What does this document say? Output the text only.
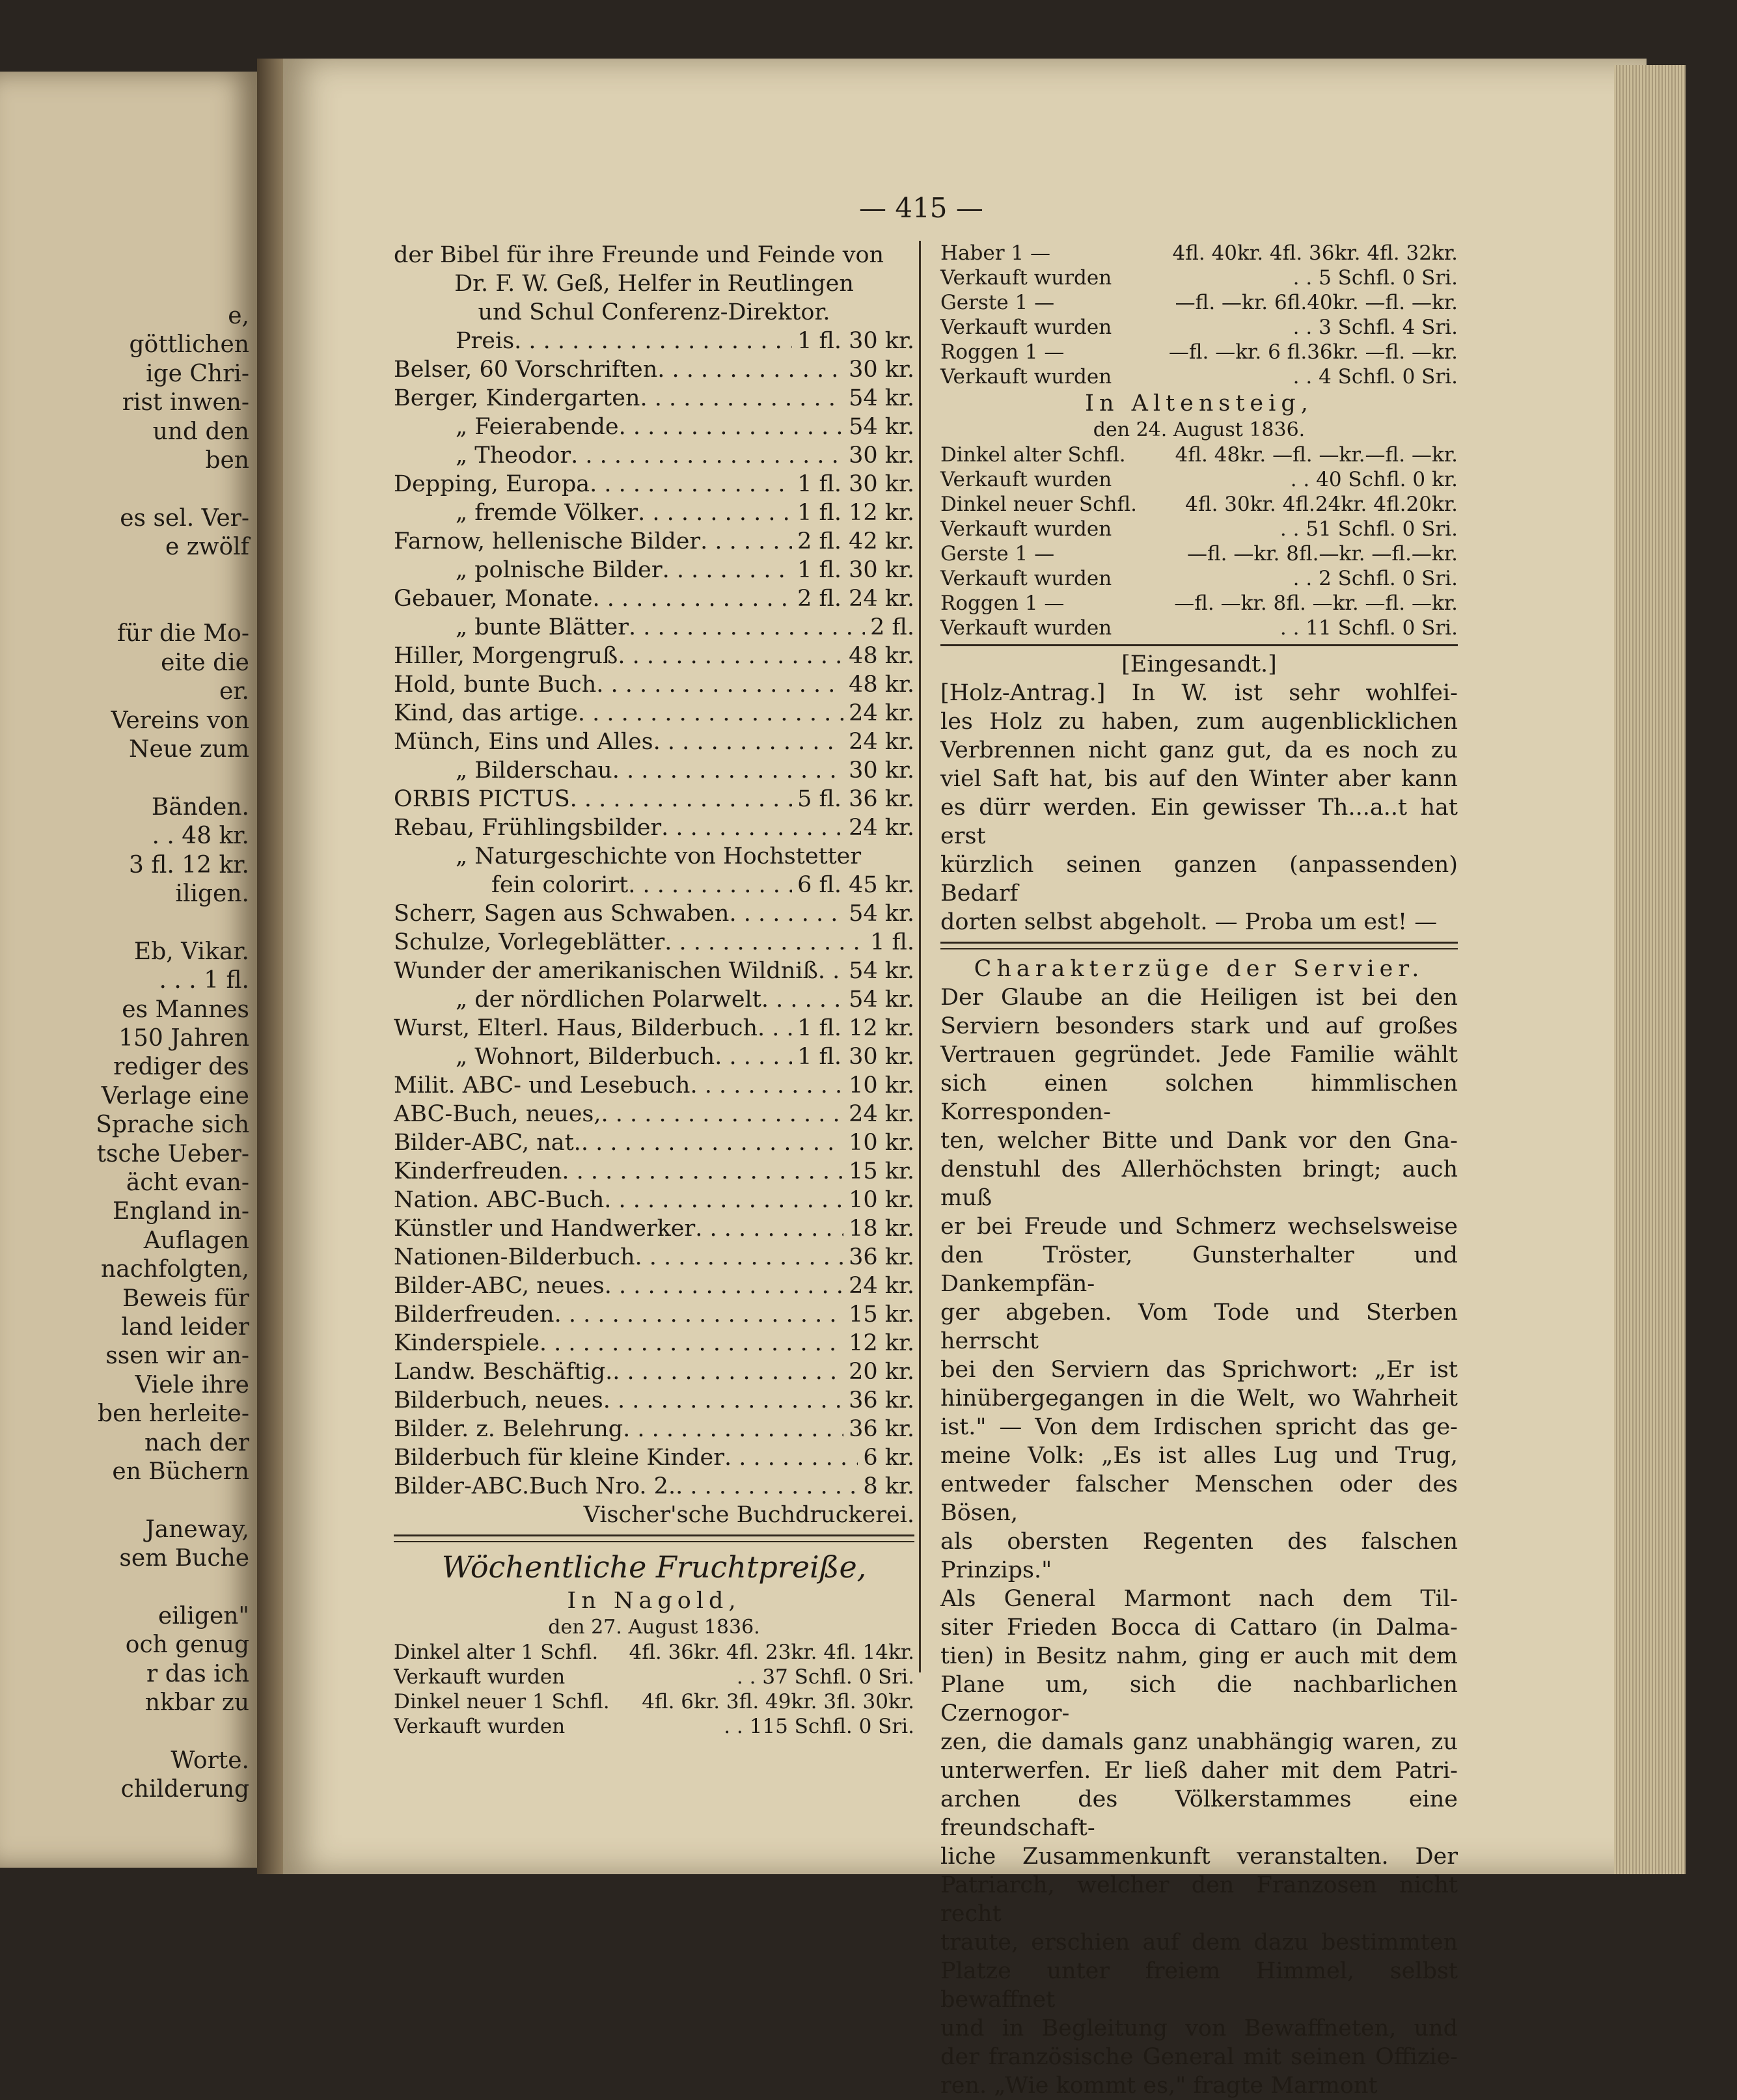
e,
göttlichen
ige Chri-
rist inwen-
und den
ben
es sel. Ver-
e zwölf
für die Mo-
eite die
er.
Vereins von
Neue zum
Bänden.
. . 48 kr.
3 fl. 12 kr.
iligen.
Eb, Vikar.
. . . 1 fl.
es Mannes
150 Jahren
rediger des
Verlage eine
Sprache sich
tsche Ueber-
ächt evan-
England in-
Auflagen
nachfolgten,
Beweis für
land leider
ssen wir an-
Viele ihre
ben herleite-
nach der
en Büchern
Janeway,
sem Buche
eiligen"
och genug
r das ich
nkbar zu
Worte.
childerung
— 415 —
der Bibel für ihre Freunde und Feinde von
Dr. F. W. Geß, Helfer in Reutlingen
und Schul Conferenz-Direktor.
Preis . . .	1 fl. 30 kr.
Belser, 60 Vorschriften . . .	30 kr.
Berger, Kindergarten . . .	54 kr.
„ Feierabende . . .	54 kr.
„ Theodor . . .	30 kr.
Depping, Europa . . .	1 fl. 30 kr.
„ fremde Völker . . .	1 fl. 12 kr.
Farnow, hellenische Bilder . . .	2 fl. 42 kr.
„ polnische Bilder . . .	1 fl. 30 kr.
Gebauer, Monate . . .	2 fl. 24 kr.
„ bunte Blätter . . .	2 fl.
Hiller, Morgengruß . . .	48 kr.
Hold, bunte Buch . . .	48 kr.
Kind, das artige . . .	24 kr.
Münch, Eins und Alles . . .	24 kr.
„ Bilderschau . . .	30 kr.
ORBIS PICTUS . . .	5 fl. 36 kr.
Rebau, Frühlingsbilder . . .	24 kr.
„ Naturgeschichte von Hochstetter
fein colorirt . . .	6 fl. 45 kr.
Scherr, Sagen aus Schwaben . . .	54 kr.
Schulze, Vorlegeblätter . . .	1 fl.
Wunder der amerikanischen Wildniß . . . 54 kr.
„ der nördlichen Polarwelt . . .	54 kr.
Wurst, Elterl. Haus, Bilderbuch . . . 1 fl. 12 kr.
„ Wohnort, Bilderbuch . . .	1 fl. 30 kr.
Milit. ABC- und Lesebuch . . .	10 kr.
ABC-Buch, neues, . . .	24 kr.
Bilder-ABC, nat. . . .	10 kr.
Kinderfreuden . . .	15 kr.
Nation. ABC-Buch . . .	10 kr.
Künstler und Handwerker . . .	18 kr.
Nationen-Bilderbuch . . .	36 kr.
Bilder-ABC, neues . . .	24 kr.
Bilderfreuden . . .	15 kr.
Kinderspiele . . .	12 kr.
Landw. Beschäftig. . . .	20 kr.
Bilderbuch, neues . . .	36 kr.
Bilder. z. Belehrung . . .	36 kr.
Bilderbuch für kleine Kinder . . .	6 kr.
Bilder-ABC.Buch Nro. 2. . . .	8 kr.
Vischer'sche Buchdruckerei.
Wöchentliche Fruchtpreiße,
In Nagold,
den 27. August 1836.
Dinkel alter 1 Schfl.	4fl. 36kr. 4fl. 23kr. 4fl. 14kr.
Verkauft wurden	. . 37 Schfl. 0 Sri.
Dinkel neuer 1 Schfl.	4fl. 6kr. 3fl. 49kr. 3fl. 30kr.
Verkauft wurden	. . 115 Schfl. 0 Sri.
Haber 1 —	4fl. 40kr. 4fl. 36kr. 4fl. 32kr.
Verkauft wurden	. . 5 Schfl. 0 Sri.
Gerste 1 —	—fl. —kr. 6fl.40kr. —fl. —kr.
Verkauft wurden	. . 3 Schfl. 4 Sri.
Roggen 1 —	—fl. —kr. 6 fl.36kr. —fl. —kr.
Verkauft wurden	. . 4 Schfl. 0 Sri.
In Altensteig,
den 24. August 1836.
Dinkel alter Schfl.	4fl. 48kr. —fl. —kr.—fl. —kr.
Verkauft wurden	. . 40 Schfl. 0 kr.
Dinkel neuer Schfl.	4fl. 30kr. 4fl.24kr. 4fl.20kr.
Verkauft wurden	. . 51 Schfl. 0 Sri.
Gerste 1 —	—fl. —kr. 8fl.—kr. —fl.—kr.
Verkauft wurden	. . 2 Schfl. 0 Sri.
Roggen 1 —	—fl. —kr. 8fl. —kr. —fl. —kr.
Verkauft wurden	. . 11 Schfl. 0 Sri.
[Eingesandt.]
[Holz-Antrag.] In W. ist sehr wohlfei-
les Holz zu haben, zum augenblicklichen
Verbrennen nicht ganz gut, da es noch zu
viel Saft hat, bis auf den Winter aber kann
es dürr werden. Ein gewisser Th...a..t hat erst
kürzlich seinen ganzen (anpassenden) Bedarf
dorten selbst abgeholt. — Proba um est! —
Charakterzüge der Servier.
Der Glaube an die Heiligen ist bei den
Serviern besonders stark und auf großes
Vertrauen gegründet. Jede Familie wählt
sich einen solchen himmlischen Korresponden-
ten, welcher Bitte und Dank vor den Gna-
denstuhl des Allerhöchsten bringt; auch muß
er bei Freude und Schmerz wechselsweise
den Tröster, Gunsterhalter und Dankempfän-
ger abgeben. Vom Tode und Sterben herrscht
bei den Serviern das Sprichwort: „Er ist
hinübergegangen in die Welt, wo Wahrheit
ist." — Von dem Irdischen spricht das ge-
meine Volk: „Es ist alles Lug und Trug,
entweder falscher Menschen oder des Bösen,
als obersten Regenten des falschen Prinzips."
Als General Marmont nach dem Til-
siter Frieden Bocca di Cattaro (in Dalma-
tien) in Besitz nahm, ging er auch mit dem
Plane um, sich die nachbarlichen Czernogor-
zen, die damals ganz unabhängig waren, zu
unterwerfen. Er ließ daher mit dem Patri-
archen des Völkerstammes eine freundschaft-
liche Zusammenkunft veranstalten. Der
Patriarch, welcher den Franzosen nicht recht
traute, erschien auf dem dazu bestimmten
Platze unter freiem Himmel, selbst bewaffnet
und in Begleitung von Bewaffneten, und
der französische General mit seinen Offizie-
ren. „Wie kommt es," fragte Marmont
